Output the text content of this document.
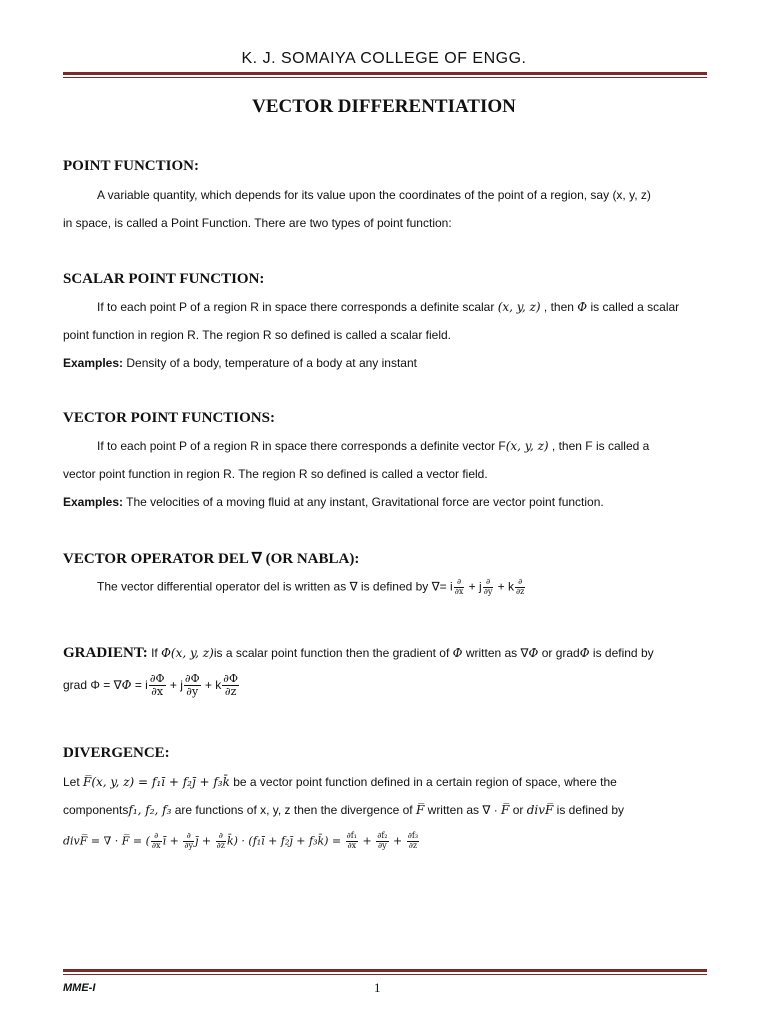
K. J. SOMAIYA COLLEGE OF ENGG.
VECTOR DIFFERENTIATION
POINT FUNCTION:
A variable quantity, which depends for its value upon the coordinates of the point of a region, say (x, y, z)
in space, is called a Point Function. There are two types of point function:
SCALAR POINT FUNCTION:
If to each point P of a region R in space there corresponds a definite scalar (x, y, z) , then Φ is called a scalar
point function in region R. The region R so defined is called a scalar field.
Examples: Density of a body, temperature of a body at any instant
VECTOR POINT FUNCTIONS:
If to each point P of a region R in space there corresponds a definite vector F(x, y, z) , then F is called a
vector point function in region R. The region R so defined is called a vector field.
Examples: The velocities of a moving fluid at any instant, Gravitational force are vector point function.
VECTOR OPERATOR DEL ∇ (OR NABLA):
The vector differential operator del is written as ∇ is defined by ∇= i $\frac{\partial}{\partial x} + j \frac{\partial}{\partial y} + k \frac{\partial}{\partial z}$
GRADIENT: If Φ(x, y, z)is a scalar point function then the gradient of Φ written as ∇Φ or gradΦ is defind by
grad Φ = ∇Φ = i $\frac{\partial\Phi}{\partial x} + j \frac{\partial\Phi}{\partial y} + k \frac{\partial\Phi}{\partial z}$
DIVERGENCE:
Let F̅(x, y, z) = f₁ī + f₂j̄ + f₃k̄ be a vector point function defined in a certain region of space, where the
componentsf₁, f₂, f₃ are functions of x, y, z then the divergence of F̅ written as ∇ · F̅ or divF̅ is defined by
divF̅ = ∇ · F̅ = ( $\frac{\partial}{\partial x}$ ī + $\frac{\partial}{\partial y}$ j̄ + $\frac{\partial}{\partial z}$ k̄) · (f₁ī + f₂j̄ + f₃k̄) = $\frac{\text{∂f₁}}{\partial x} + \frac{\text{∂f₂}}{\partial y} + \frac{\text{∂f₃}}{\partial z}$
MME-I	1
